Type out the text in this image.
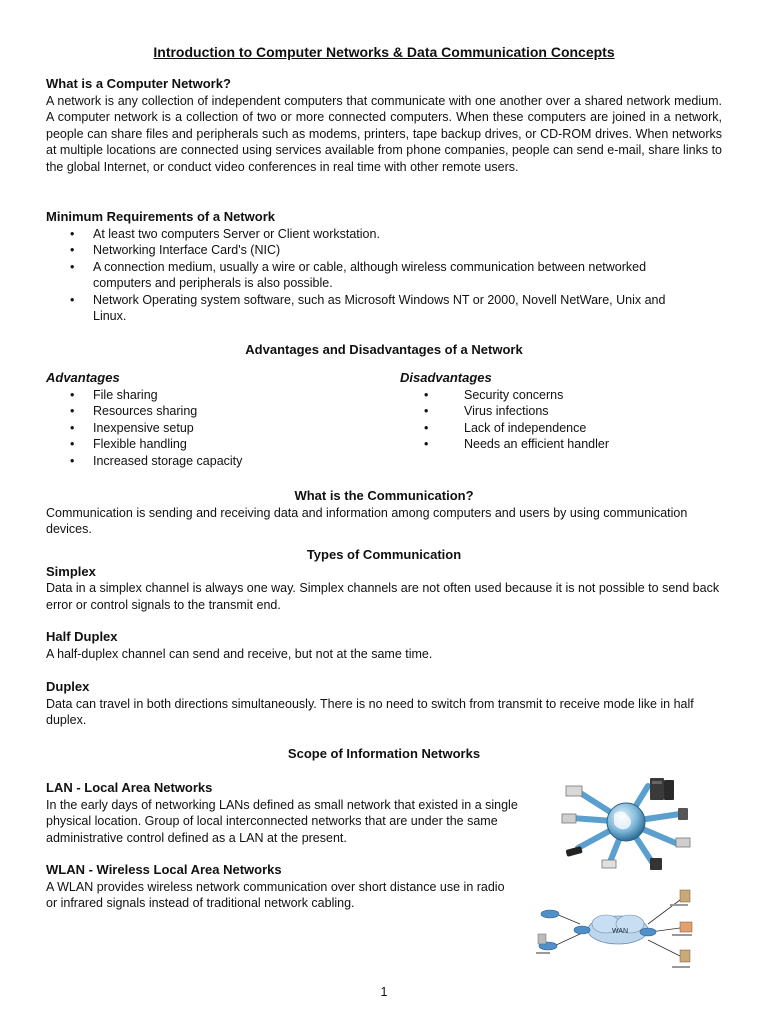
Introduction to Computer Networks & Data Communication Concepts
What is a Computer Network?
A network is any collection of independent computers that communicate with one another over a shared network medium. A computer network is a collection of two or more connected computers. When these computers are joined in a network, people can share files and peripherals such as modems, printers, tape backup drives, or CD-ROM drives. When networks at multiple locations are connected using services available from phone companies, people can send e-mail, share links to the global Internet, or conduct video conferences in real time with other remote users.
Minimum Requirements of a Network
• At least two computers Server or Client workstation.
• Networking Interface Card's (NIC)
• A connection medium, usually a wire or cable, although wireless communication between networked computers and peripherals is also possible.
• Network Operating system software, such as Microsoft Windows NT or 2000, Novell NetWare, Unix and Linux.
Advantages and Disadvantages of a Network
Advantages
• File sharing
• Resources sharing
• Inexpensive setup
• Flexible handling
• Increased storage capacity
Disadvantages
• Security concerns
• Virus infections
• Lack of independence
• Needs an efficient handler
What is the Communication?
Communication is sending and receiving data and information among computers and users by using communication devices.
Types of Communication
Simplex
Data in a simplex channel is always one way. Simplex channels are not often used because it is not possible to send back error or control signals to the transmit end.
Half Duplex
A half-duplex channel can send and receive, but not at the same time.
Duplex
Data can travel in both directions simultaneously. There is no need to switch from transmit to receive mode like in half duplex.
Scope of Information Networks
LAN - Local Area Networks
In the early days of networking LANs defined as small network that existed in a single physical location. Group of local interconnected networks that are under the same administrative control defined as a LAN at the present.
WLAN - Wireless Local Area Networks
A WLAN provides wireless network communication over short distance use in radio or infrared signals instead of traditional network cabling.
WAN
1
